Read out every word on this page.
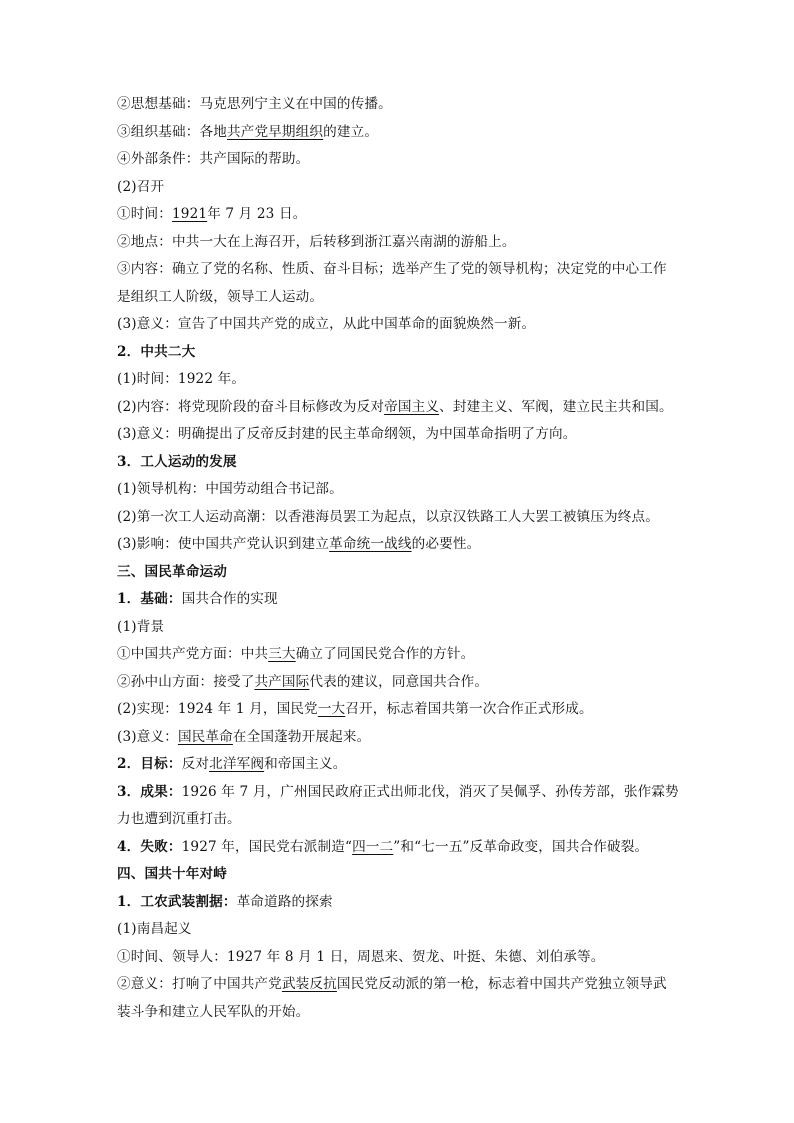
②思想基础：马克思列宁主义在中国的传播。
③组织基础：各地共产党早期组织的建立。
④外部条件：共产国际的帮助。
(2)召开
①时间：1921年 7 月 23 日。
②地点：中共一大在上海召开，后转移到浙江嘉兴南湖的游船上。
③内容：确立了党的名称、性质、奋斗目标；选举产生了党的领导机构；决定党的中心工作
是组织工人阶级，领导工人运动。
(3)意义：宣告了中国共产党的成立，从此中国革命的面貌焕然一新。
2．中共二大
(1)时间：1922 年。
(2)内容：将党现阶段的奋斗目标修改为反对帝国主义、封建主义、军阀，建立民主共和国。
(3)意义：明确提出了反帝反封建的民主革命纲领，为中国革命指明了方向。
3．工人运动的发展
(1)领导机构：中国劳动组合书记部。
(2)第一次工人运动高潮：以香港海员罢工为起点，以京汉铁路工人大罢工被镇压为终点。
(3)影响：使中国共产党认识到建立革命统一战线的必要性。
三、国民革命运动
1．基础：国共合作的实现
(1)背景
①中国共产党方面：中共三大确立了同国民党合作的方针。
②孙中山方面：接受了共产国际代表的建议，同意国共合作。
(2)实现：1924 年 1 月，国民党一大召开，标志着国共第一次合作正式形成。
(3)意义：国民革命在全国蓬勃开展起来。
2．目标：反对北洋军阀和帝国主义。
3．成果：1926 年 7 月，广州国民政府正式出师北伐，消灭了吴佩孚、孙传芳部，张作霖势
力也遭到沉重打击。
4．失败：1927 年，国民党右派制造“四一二”和“七一五”反革命政变，国共合作破裂。
四、国共十年对峙
1．工农武装割据：革命道路的探索
(1)南昌起义
①时间、领导人：1927 年 8 月 1 日，周恩来、贺龙、叶挺、朱德、刘伯承等。
②意义：打响了中国共产党武装反抗国民党反动派的第一枪，标志着中国共产党独立领导武
装斗争和建立人民军队的开始。
